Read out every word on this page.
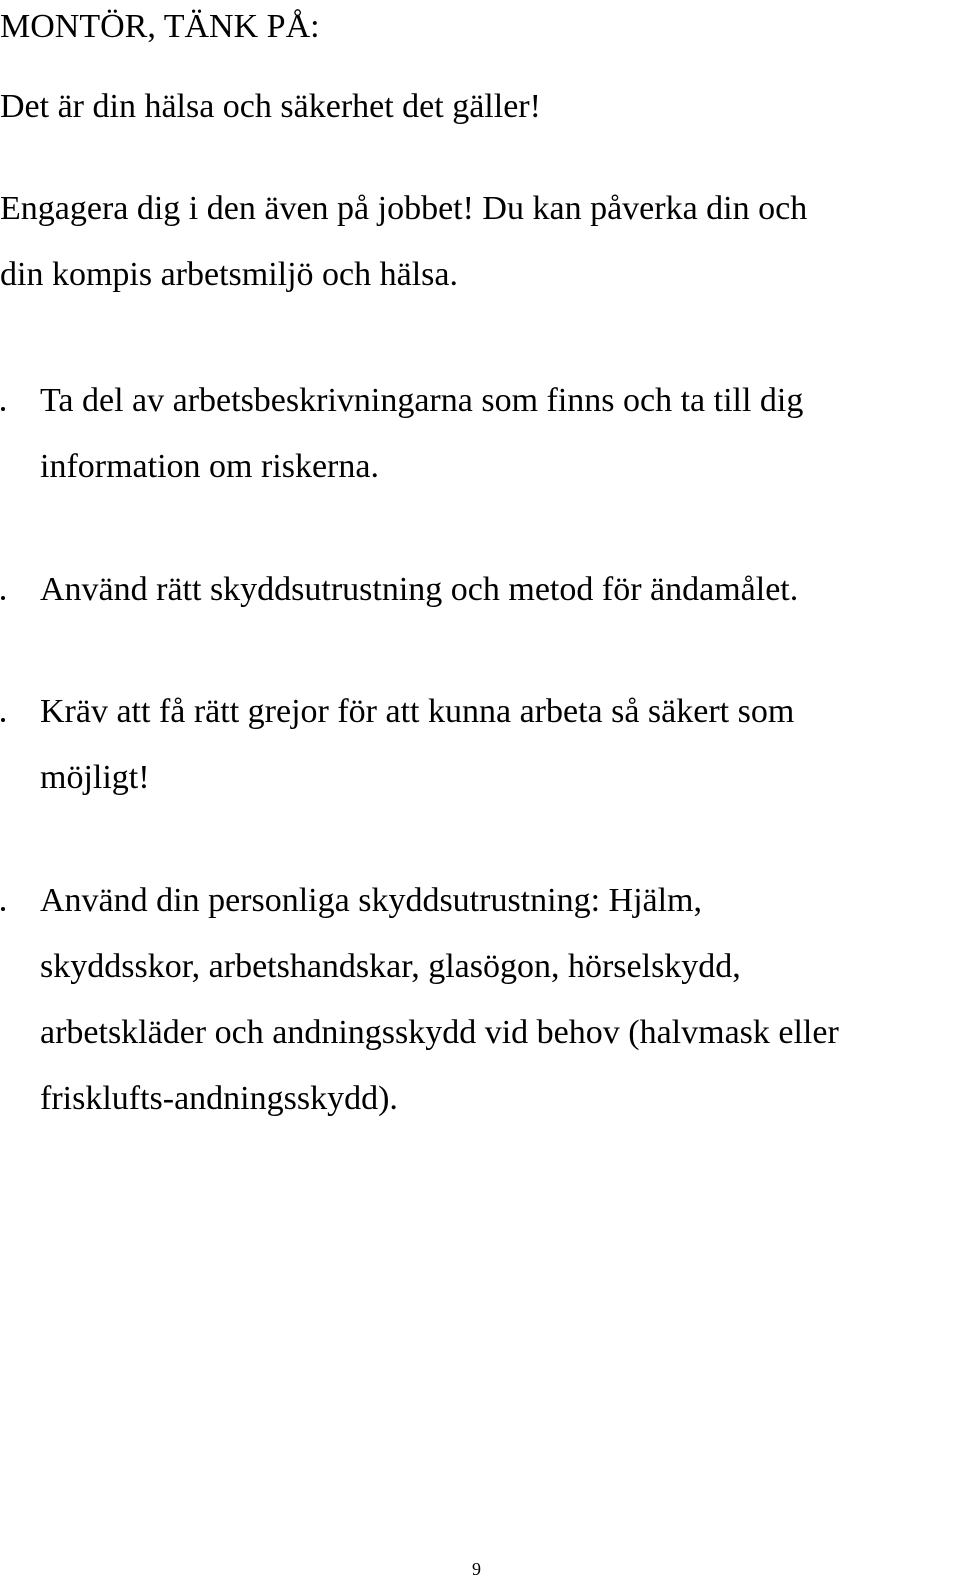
MONTÖR, TÄNK PÅ:

Det är din hälsa och säkerhet det gäller!

Engagera dig i den även på jobbet! Du kan påverka din och

din kompis arbetsmiljö och hälsa.

Ta del av arbetsbeskrivningarna som finns och ta till dig

information om riskerna.

Använd rätt skyddsutrustning och metod för ändamålet.

Kräv att få rätt grejor för att kunna arbeta så säkert som

möjligt!

Använd din personliga skyddsutrustning: Hjälm,

skyddsskor, arbetshandskar, glasögon, hörselskydd,

arbetskläder och andningsskydd vid behov (halvmask eller

frisklufts-andningsskydd).

9
